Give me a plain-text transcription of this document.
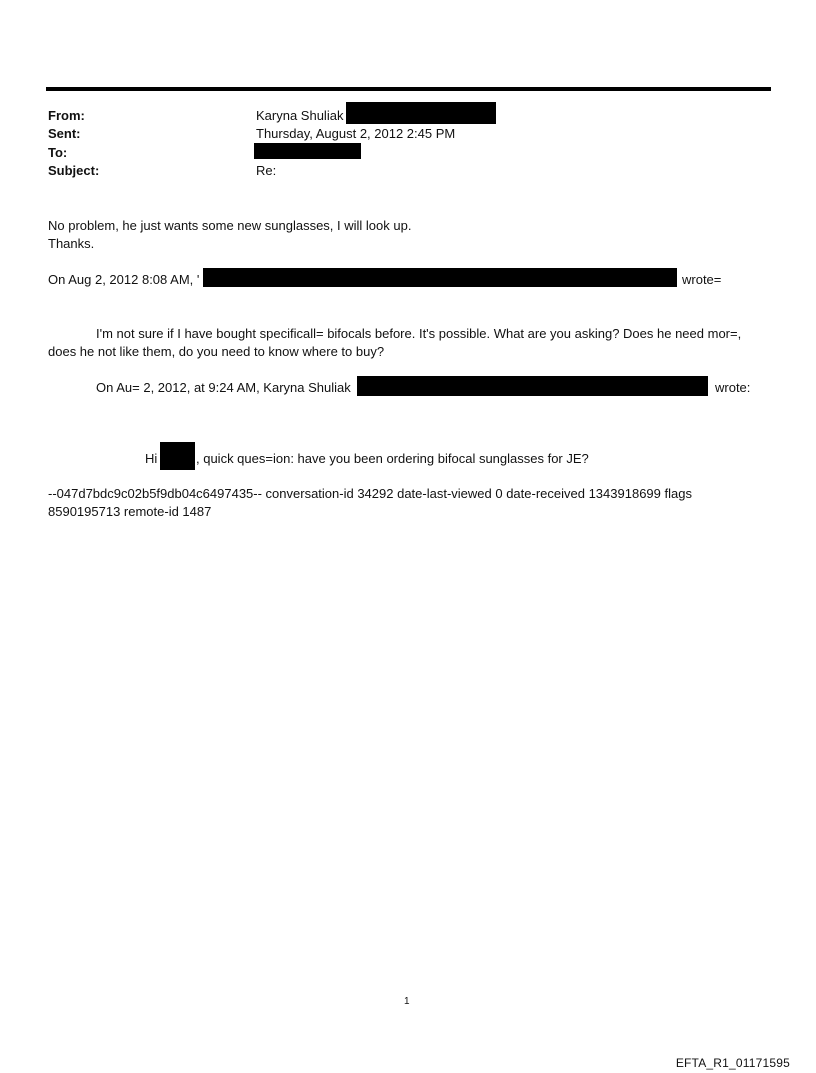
From:	Karyna Shuliak
Sent:	Thursday, August 2, 2012 2:45 PM
To:
Subject:	Re:
No problem, he just wants some new sunglasses, I will look up.
Thanks.
On Aug 2, 2012 8:08 AM, '	wrote=
I'm not sure if I have bought specificall= bifocals before. It's possible. What are you asking? Does he need mor=,
does he not like them, do you need to know where to buy?
On Au= 2, 2012, at 9:24 AM, Karyna Shuliak	wrote:
Hi	, quick ques=ion: have you been ordering bifocal sunglasses for JE?
--047d7bdc9c02b5f9db04c6497435-- conversation-id 34292 date-last-viewed 0 date-received 1343918699 flags
8590195713 remote-id 1487
1
EFTA_R1_01171595
